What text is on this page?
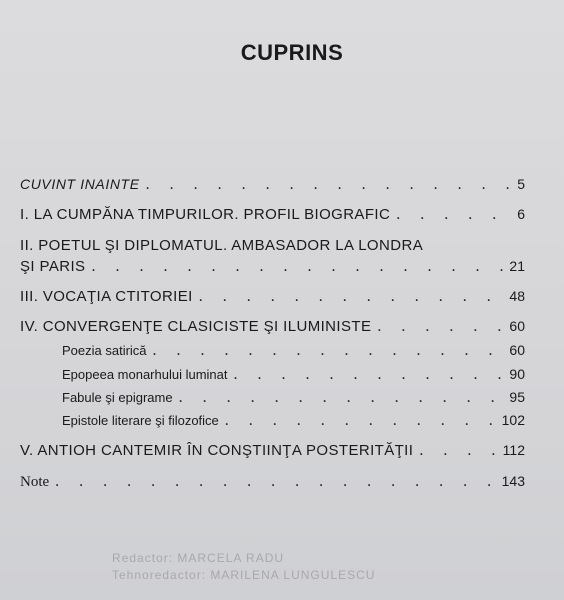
CUPRINS
CUVINT INAINTE . . .	5
I. LA CUMPĂNA TIMPURILOR. PROFIL BIOGRAFIC . . .	6
II. POETUL ŞI DIPLOMATUL. AMBASADOR LA LONDRA
ŞI PARIS . . .	21
III. VOCAŢIA CTITORIEI . . .	48
IV. CONVERGENŢE CLASICISTE ŞI ILUMINISTE . . .	60
Poezia satirică . . .	60
Epopeea monarhului luminat . . .	90
Fabule şi epigrame . . .	95
Epistole literare şi filozofice . . .	102
V. ANTIOH CANTEMIR ÎN CONŞTIINŢA POSTERITĂŢII . . .	112
Note . . .	143
Redactor: MARCELA RADU
Tehnoredactor: MARILENA LUNGULESCU
